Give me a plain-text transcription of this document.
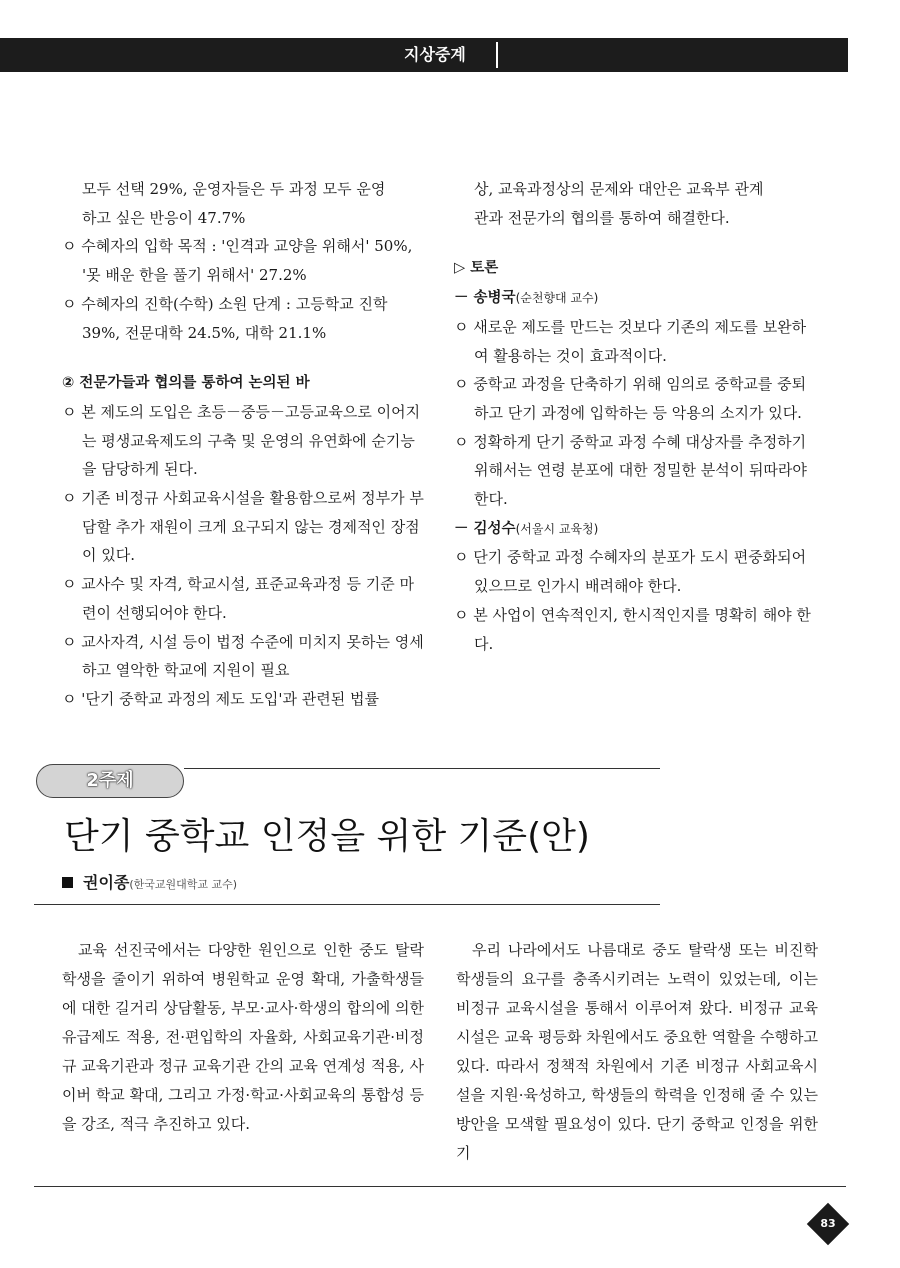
지상중계

모두 선택 29%, 운영자들은 두 과정 모두 운영

하고 싶은 반응이 47.7%

ㅇ 수혜자의 입학 목적 : '인격과 교양을 위해서' 50%, '못 배운 한을 풀기 위해서' 27.2%

ㅇ 수혜자의 진학(수학) 소원 단계 : 고등학교 진학 39%, 전문대학 24.5%, 대학 21.1%

② 전문가들과 협의를 통하여 논의된 바

ㅇ 본 제도의 도입은 초등－중등－고등교육으로 이어지는 평생교육제도의 구축 및 운영의 유연화에 순기능을 담당하게 된다.

ㅇ 기존 비정규 사회교육시설을 활용함으로써 정부가 부담할 추가 재원이 크게 요구되지 않는 경제적인 장점이 있다.

ㅇ 교사수 및 자격, 학교시설, 표준교육과정 등 기준 마련이 선행되어야 한다.

ㅇ 교사자격, 시설 등이 법정 수준에 미치지 못하는 영세하고 열악한 학교에 지원이 필요

ㅇ '단기 중학교 과정의 제도 도입'과 관련된 법률

상, 교육과정상의 문제와 대안은 교육부 관계

관과 전문가의 협의를 통하여 해결한다.

▷ 토론

－ 송병국(순천향대 교수)

ㅇ 새로운 제도를 만드는 것보다 기존의 제도를 보완하여 활용하는 것이 효과적이다.

ㅇ 중학교 과정을 단축하기 위해 임의로 중학교를 중퇴하고 단기 과정에 입학하는 등 악용의 소지가 있다.

ㅇ 정확하게 단기 중학교 과정 수혜 대상자를 추정하기 위해서는 연령 분포에 대한 정밀한 분석이 뒤따라야 한다.

－ 김성수(서울시 교육청)

ㅇ 단기 중학교 과정 수혜자의 분포가 도시 편중화되어 있으므로 인가시 배려해야 한다.

ㅇ 본 사업이 연속적인지, 한시적인지를 명확히 해야 한다.

2주제
단기 중학교 인정을 위한 기준(안)
권이종(한국교원대학교 교수)

교육 선진국에서는 다양한 원인으로 인한 중도 탈락 학생을 줄이기 위하여 병원학교 운영 확대, 가출학생들에 대한 길거리 상담활동, 부모·교사·학생의 합의에 의한 유급제도 적용, 전·편입학의 자율화, 사회교육기관·비정규 교육기관과 정규 교육기관 간의 교육 연계성 적용, 사이버 학교 확대, 그리고 가정·학교·사회교육의 통합성 등을 강조, 적극 추진하고 있다.

우리 나라에서도 나름대로 중도 탈락생 또는 비진학 학생들의 요구를 충족시키려는 노력이 있었는데, 이는 비정규 교육시설을 통해서 이루어져 왔다. 비정규 교육시설은 교육 평등화 차원에서도 중요한 역할을 수행하고 있다. 따라서 정책적 차원에서 기존 비정규 사회교육시설을 지원·육성하고, 학생들의 학력을 인정해 줄 수 있는 방안을 모색할 필요성이 있다. 단기 중학교 인정을 위한 기

83
